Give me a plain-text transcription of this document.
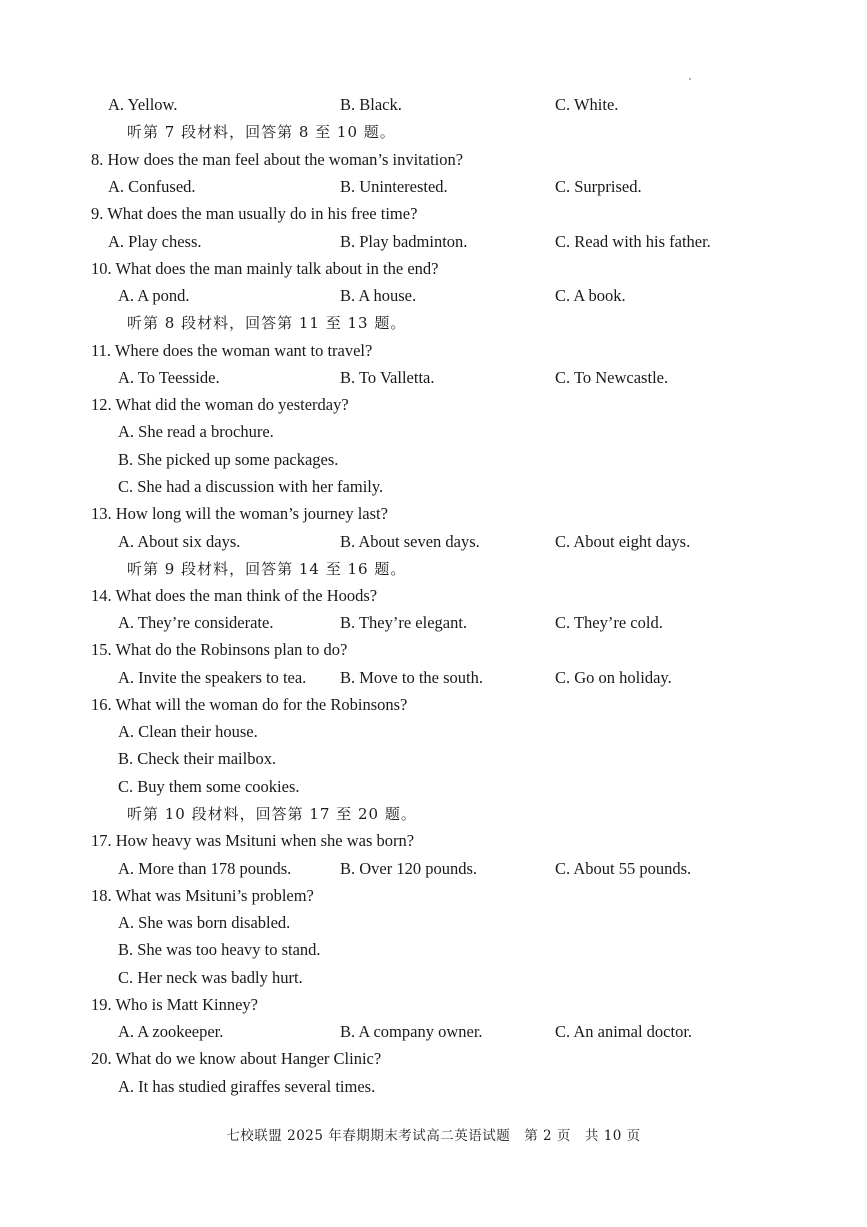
A. Yellow.	B. Black.	C. White.
听第 7 段材料，回答第 8 至 10 题。
8. How does the man feel about the woman’s invitation?
A. Confused.	B. Uninterested.	C. Surprised.
9. What does the man usually do in his free time?
A. Play chess.	B. Play badminton.	C. Read with his father.
10. What does the man mainly talk about in the end?
A. A pond.	B. A house.	C. A book.
听第 8 段材料，回答第 11 至 13 题。
11. Where does the woman want to travel?
A. To Teesside.	B. To Valletta.	C. To Newcastle.
12. What did the woman do yesterday?
A. She read a brochure.
B. She picked up some packages.
C. She had a discussion with her family.
13. How long will the woman’s journey last?
A. About six days.	B. About seven days.	C. About eight days.
听第 9 段材料，回答第 14 至 16 题。
14. What does the man think of the Hoods?
A. They’re considerate.	B. They’re elegant.	C. They’re cold.
15. What do the Robinsons plan to do?
A. Invite the speakers to tea. B. Move to the south.	C. Go on holiday.
16. What will the woman do for the Robinsons?
A. Clean their house.
B. Check their mailbox.
C. Buy them some cookies.
听第 10 段材料，回答第 17 至 20 题。
17. How heavy was Msituni when she was born?
A. More than 178 pounds.	B. Over 120 pounds.	C. About 55 pounds.
18. What was Msituni’s problem?
A. She was born disabled.
B. She was too heavy to stand.
C. Her neck was badly hurt.
19. Who is Matt Kinney?
A. A zookeeper.	B. A company owner.	C. An animal doctor.
20. What do we know about Hanger Clinic?
A. It has studied giraffes several times.
七校联盟 2025 年春期期末考试高二英语试题　第 2 页　共 10 页
